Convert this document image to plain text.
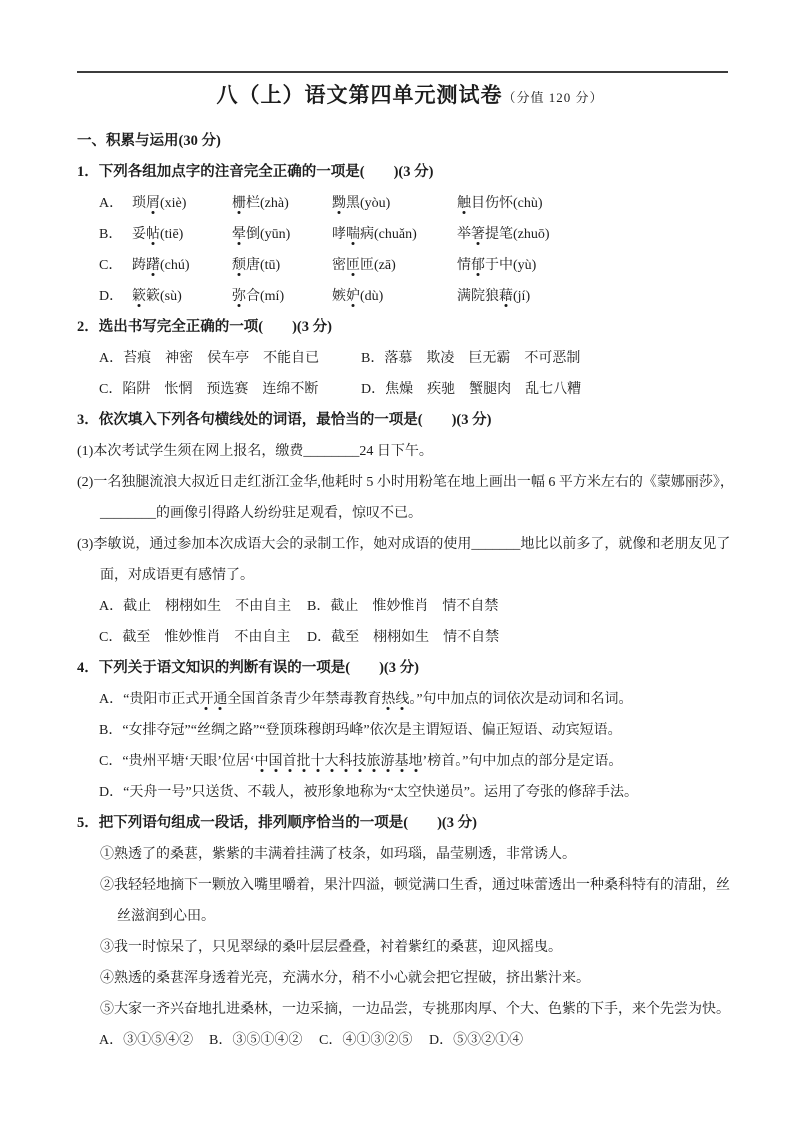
八（上）语文第四单元测试卷（分值 120 分）
一、积累与运用(30 分)
1．下列各组加点字的注音完全正确的一项是(　　)(3 分)
A． 琐屑(xiè)	栅栏(zhà)	黝黑(yòu)	触目伤怀(chù)
B． 妥帖(tiē)	晕倒(yūn)	哮喘病(chuǎn)	举箸提笔(zhuō)
C． 踌躇(chú)	颓唐(tū)	密匝匝(zā)	情郁于中(yù)
D． 簌簌(sù)	弥合(mí)	嫉妒(dù)	满院狼藉(jí)
2．选出书写完全正确的一项(　　)(3 分)
A．苔痕　神密　侯车亭　不能自已	B．落慕　欺凌　巨无霸　不可恶制
C．陷阱　怅惘　预选赛　连绵不断	D．焦燥　疾驰　蟹腿肉　乱七八糟
3．依次填入下列各句横线处的词语，最恰当的一项是(　　)(3 分)
(1)本次考试学生须在网上报名，缴费________24 日下午。
(2)一名独腿流浪大叔近日走红浙江金华,他耗时 5 小时用粉笔在地上画出一幅 6 平方米左右的《蒙娜丽莎》，________的画像引得路人纷纷驻足观看，惊叹不已。
(3)李敏说，通过参加本次成语大会的录制工作，她对成语的使用_______地比以前多了，就像和老朋友见了面，对成语更有感情了。
A．截止　栩栩如生　不由自主	B．截止　惟妙惟肖　情不自禁
C．截至　惟妙惟肖　不由自主	D．截至　栩栩如生　情不自禁
4．下列关于语文知识的判断有误的一项是(　　)(3 分)
A．“贵阳市正式开通全国首条青少年禁毒教育热线。”句中加点的词依次是动词和名词。
B．“女排夺冠”“丝绸之路”“登顶珠穆朗玛峰”依次是主谓短语、偏正短语、动宾短语。
C．“贵州平塘‘天眼’位居‘中国首批十大科技旅游基地’榜首。”句中加点的部分是定语。
D．“天舟一号”只送货、不载人，被形象地称为“太空快递员”。运用了夸张的修辞手法。
5．把下列语句组成一段话，排列顺序恰当的一项是(　　)(3 分)
①熟透了的桑葚，紫紫的丰满着挂满了枝条，如玛瑙，晶莹剔透，非常诱人。
②我轻轻地摘下一颗放入嘴里嚼着，果汁四溢，顿觉满口生香，通过味蕾透出一种桑科特有的清甜，丝丝滋润到心田。
③我一时惊呆了，只见翠绿的桑叶层层叠叠，衬着紫红的桑葚，迎风摇曳。
④熟透的桑葚浑身透着光亮，充满水分，稍不小心就会把它捏破，挤出紫汁来。
⑤大家一齐兴奋地扎进桑林，一边采摘，一边品尝，专挑那肉厚、个大、色紫的下手，来个先尝为快。
A．③①⑤④②	B．③⑤①④②	C．④①③②⑤	D．⑤③②①④
